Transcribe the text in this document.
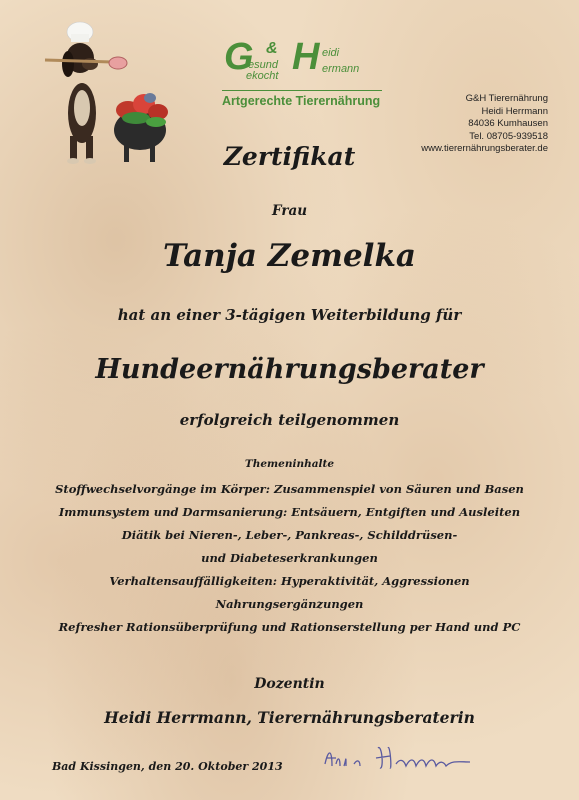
G &
esund
ekocht H eidi
ermann
Artgerechte Tierernährung	G&H Tierernährung
Heidi Herrmann
84036 Kumhausen
Tel. 08705-939518
www.tierernährungsberater.de
Zertifikat
Frau
Tanja Zemelka
hat an einer 3-tägigen Weiterbildung für
Hundeernährungsberater
erfolgreich teilgenommen
Themeninhalte
Stoffwechselvorgänge im Körper: Zusammenspiel von Säuren und Basen
Immunsystem und Darmsanierung: Entsäuern, Entgiften und Ausleiten
Diätik bei Nieren-, Leber-, Pankreas-, Schilddrüsen-
und Diabeteserkrankungen
Verhaltensauffälligkeiten: Hyperaktivität, Aggressionen
Nahrungsergänzungen
Refresher Rationsüberprüfung und Rationserstellung per Hand und PC
Dozentin
Heidi Herrmann, Tierernährungsberaterin
Bad Kissingen, den 20. Oktober 2013
